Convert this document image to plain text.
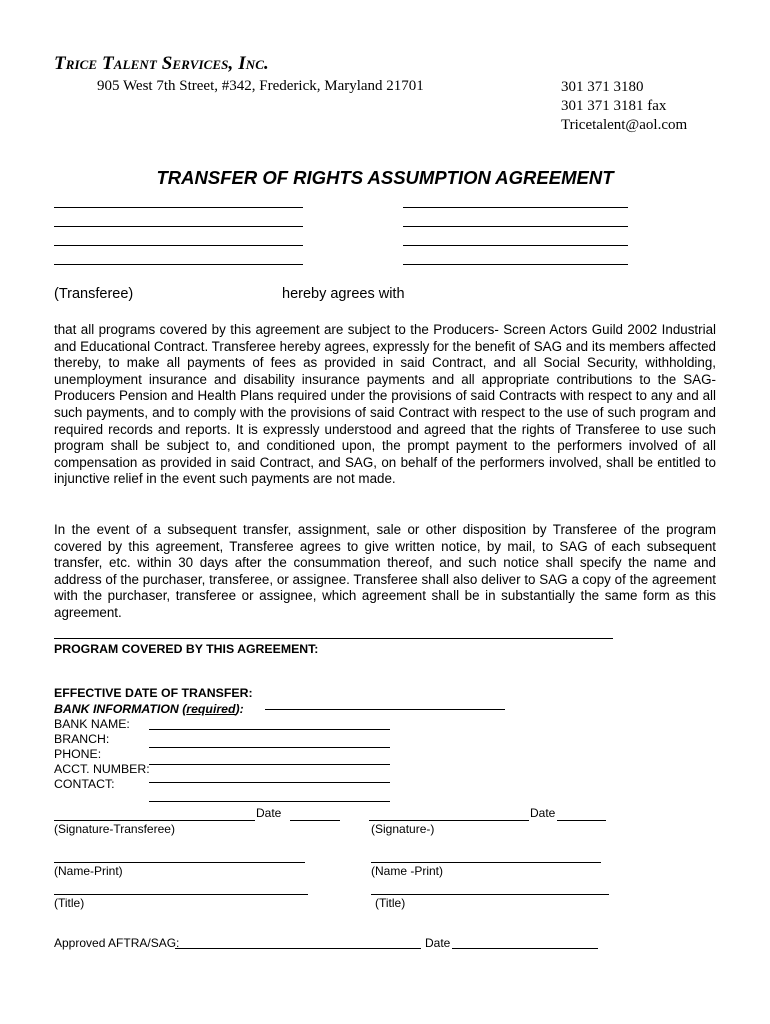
Trice Talent Services, Inc.
905 West 7th Street, #342, Frederick, Maryland 21701	301 371 3180
301 371 3181 fax
Tricetalent@aol.com
TRANSFER OF RIGHTS ASSUMPTION AGREEMENT
(Transferee)	hereby agrees with
that all programs covered by this agreement are subject to the Producers- Screen Actors Guild 2002 Industrial and Educational Contract. Transferee hereby agrees, expressly for the benefit of SAG and its members affected thereby, to make all payments of fees as provided in said Contract, and all Social Security, withholding, unemployment insurance and disability insurance payments and all appropriate contributions to the SAG-Producers Pension and Health Plans required under the provisions of said Contracts with respect to any and all such payments, and to comply with the provisions of said Contract with respect to the use of such program and required records and reports. It is expressly understood and agreed that the rights of Transferee to use such program shall be subject to, and conditioned upon, the prompt payment to the performers involved of all compensation as provided in said Contract, and SAG, on behalf of the performers involved, shall be entitled to injunctive relief in the event such payments are not made.
In the event of a subsequent transfer, assignment, sale or other disposition by Transferee of the program covered by this agreement, Transferee agrees to give written notice, by mail, to SAG of each subsequent transfer, etc. within 30 days after the consummation thereof, and such notice shall specify the name and address of the purchaser, transferee, or assignee. Transferee shall also deliver to SAG a copy of the agreement with the purchaser, transferee or assignee, which agreement shall be in substantially the same form as this agreement.
PROGRAM COVERED BY THIS AGREEMENT:
EFFECTIVE DATE OF TRANSFER:
BANK INFORMATION (required):
BANK NAME:
BRANCH:
PHONE:
ACCT. NUMBER:
CONTACT:
Date	Date
(Signature-Transferee)	(Signature-)
(Name-Print)	(Name -Print)
(Title)	(Title)
Approved AFTRA/SAG:	Date
